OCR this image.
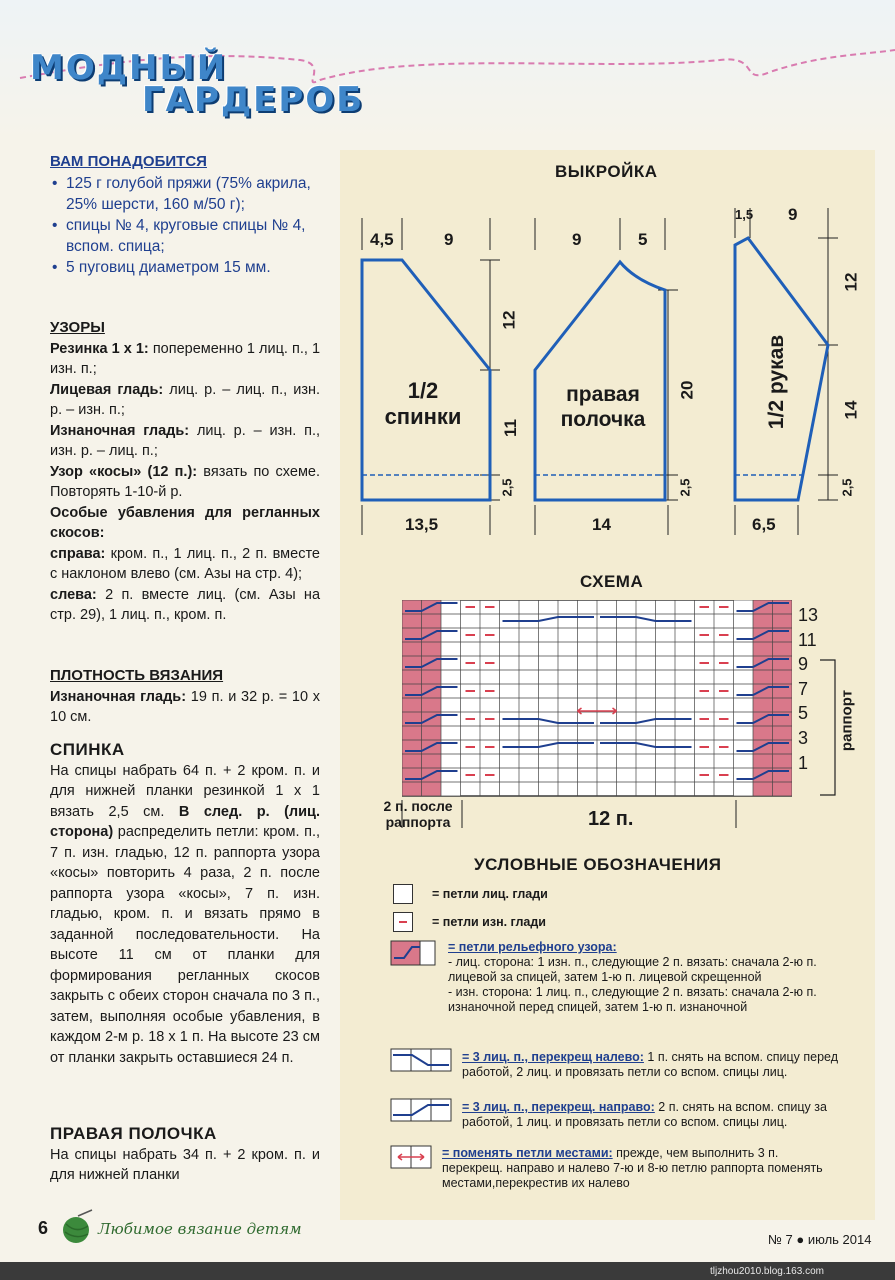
МОДНЫЙ
ГАРДЕРОБ
ВАМ ПОНАДОБИТСЯ
• 125 г голубой пряжи (75% акрила, 25% шерсти, 160 м/50 г);
• спицы № 4, круговые спицы № 4, вспом. спица;
• 5 пуговиц диаметром 15 мм.
УЗОРЫ

Резинка 1 х 1: попеременно 1 лиц. п., 1 изн. п.;

Лицевая гладь: лиц. р. – лиц. п., изн. р. – изн. п.;

Изнаночная гладь: лиц. р. – изн. п., изн. р. – лиц. п.;

Узор «косы» (12 п.): вязать по схеме. Повторять 1-10-й р.

Особые убавления для регланных скосов:

справа: кром. п., 1 лиц. п., 2 п. вместе с наклоном влево (см. Азы на стр. 4);

слева: 2 п. вместе лиц. (см. Азы на стр. 29), 1 лиц. п., кром. п.

ПЛОТНОСТЬ ВЯЗАНИЯ

Изнаночная гладь: 19 п. и 32 р. = 10 х 10 см.

СПИНКА

На спицы набрать 64 п. + 2 кром. п. и для нижней планки резинкой 1 х 1 вязать 2,5 см. В след. р. (лиц. сторона) распределить петли: кром. п., 7 п. изн. гладью, 12 п. раппорта узора «косы» повторить 4 раза, 2 п. после раппорта узора «косы», 7 п. изн. гладью, кром. п. и вязать прямо в заданной последовательности. На высоте 11 см от планки для формирования регланных скосов закрыть с обеих сторон сначала по 3 п., затем, выполняя особые убавления, в каждом 2-м р. 18 х 1 п. На высоте 23 см от планки закрыть оставшиеся 24 п.

ПРАВАЯ ПОЛОЧКА

На спицы набрать 34 п. + 2 кром. п. и для нижней планки

ВЫКРОЙКА
4,5	9
12
11
2,5
13,5
1/2
спинки
9	5
20
2,5
14
правая
полочка
1,5 9
12
14
2,5
6,5
1/2 рукав
СХЕМА
13
11
9
7
5
3
1
раппорт
2 п. после
раппорта	12 п.
УСЛОВНЫЕ ОБОЗНАЧЕНИЯ
= петли лиц. глади
= петли изн. глади
= петли рельефного узора:
- лиц. сторона: 1 изн. п., следующие 2 п. вязать: сначала 2-ю п. лицевой за спицей, затем 1-ю п. лицевой скрещенной
- изн. сторона: 1 лиц. п., следующие 2 п. вязать: сначала 2-ю п. изнаночной перед спицей, затем 1-ю п. изнаночной
= 3 лиц. п., перекрещ налево: 1 п. снять на вспом. спицу перед работой, 2 лиц. и провязать петли со вспом. спицы лиц.
= 3 лиц. п., перекрещ. направо: 2 п. снять на вспом. спицу за работой, 1 лиц. и провязать петли со вспом. спицы лиц.
= поменять петли местами: прежде, чем выполнить 3 п. перекрещ. направо и налево 7-ю и 8-ю петлю раппорта поменять местами,перекрестив их налево
6	Любимое вязание детям
№ 7 ● июль 2014
tljzhou2010.blog.163.com
